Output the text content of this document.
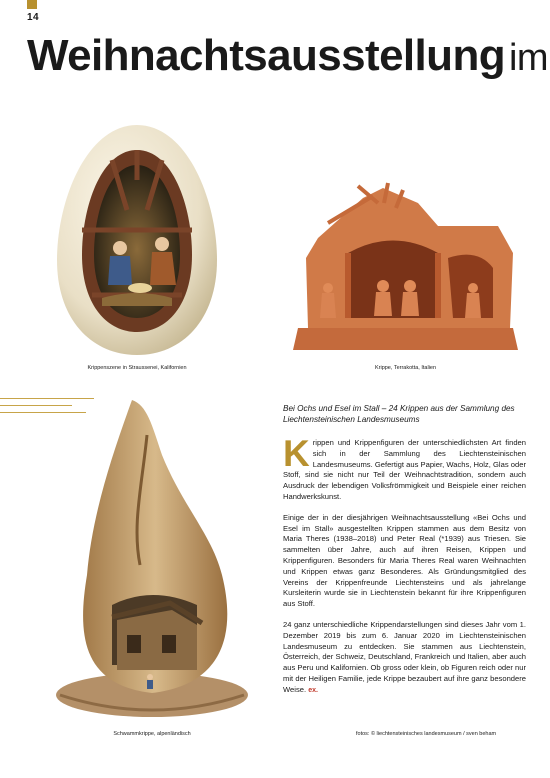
14
Weihnachtsausstellung im
Krippenszene in Straussenei, Kalifornien	Krippe, Terrakotta, Italien
Schwammkrippe, alpenländisch
Bei Ochs und Esel im Stall – 24 Krippen aus der Sammlung des Liechtensteinischen Landesmuseums

Krippen und Krippenfiguren der unterschiedlichsten Art finden sich in der Sammlung des Liechtensteinischen Landesmuseums. Gefertigt aus Papier, Wachs, Holz, Glas oder Stoff, sind sie nicht nur Teil der Weihnachtstradition, sondern auch Ausdruck der lebendigen Volksfrömmigkeit und Beispiele einer reichen Handwerkskunst.

Einige der in der diesjährigen Weihnachtsausstellung «Bei Ochs und Esel im Stall» ausgestellten Krippen stammen aus dem Besitz von Maria Theres (1938–2018) und Peter Real (*1939) aus Triesen. Sie sammelten über Jahre, auch auf ihren Reisen, Krippen und Krippenfiguren. Besonders für Maria Theres Real waren Weihnachten und Krippen etwas ganz Besonderes. Als Gründungsmitglied des Vereins der Krippenfreunde Liechtensteins und als jahrelange Kursleiterin wurde sie in Liechtenstein bekannt für ihre Krippenfiguren aus Stoff.

24 ganz unterschiedliche Krippendarstellungen sind dieses Jahr vom 1. Dezember 2019 bis zum 6. Januar 2020 im Liechtensteinischen Landesmuseum zu entdecken. Sie stammen aus Liechtenstein, Österreich, der Schweiz, Deutschland, Frankreich und Italien, aber auch aus Peru und Kalifornien. Ob gross oder klein, ob Figuren reich oder nur mit der Heiligen Familie, jede Krippe bezaubert auf ihre ganz besondere Weise. ex.

fotos: © liechtensteinisches landesmuseum / sven beham
